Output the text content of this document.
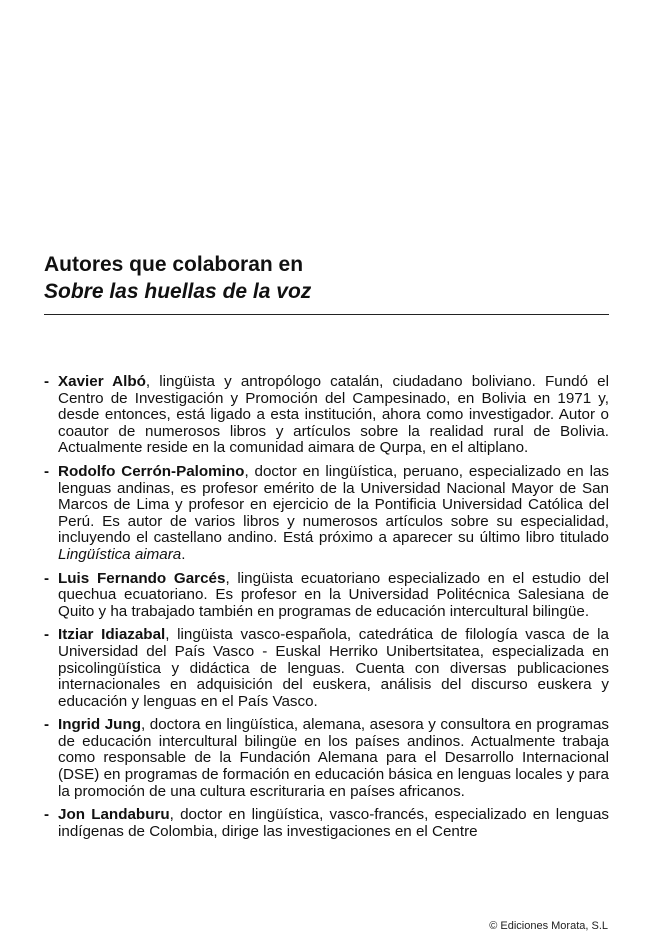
Autores que colaboran en
Sobre las huellas de la voz
- Xavier Albó, lingüista y antropólogo catalán, ciudadano boliviano. Fundó el Centro de Investigación y Promoción del Campesinado, en Bolivia en 1971 y, desde entonces, está ligado a esta institución, ahora como investigador. Autor o coautor de numerosos libros y artículos sobre la realidad rural de Bolivia. Actualmente reside en la comunidad aimara de Qurpa, en el altiplano.
- Rodolfo Cerrón-Palomino, doctor en lingüística, peruano, especializado en las lenguas andinas, es profesor emérito de la Universidad Nacional Mayor de San Marcos de Lima y profesor en ejercicio de la Pontificia Universidad Católica del Perú. Es autor de varios libros y numerosos artículos sobre su especialidad, incluyendo el castellano andino. Está próximo a aparecer su último libro titulado Lingüística aimara.
- Luis Fernando Garcés, lingüista ecuatoriano especializado en el estudio del quechua ecuatoriano. Es profesor en la Universidad Politécnica Salesiana de Quito y ha trabajado también en programas de educación intercultural bilingüe.
- Itziar Idiazabal, lingüista vasco-española, catedrática de filología vasca de la Universidad del País Vasco - Euskal Herriko Unibertsitatea, especializada en psicolingüística y didáctica de lenguas. Cuenta con diversas publicaciones internacionales en adquisición del euskera, análisis del discurso euskera y educación y lenguas en el País Vasco.
- Ingrid Jung, doctora en lingüística, alemana, asesora y consultora en programas de educación intercultural bilingüe en los países andinos. Actualmente trabaja como responsable de la Fundación Alemana para el Desarrollo Internacional (DSE) en programas de formación en educación básica en lenguas locales y para la promoción de una cultura escrituraria en países africanos.
- Jon Landaburu, doctor en lingüística, vasco-francés, especializado en lenguas indígenas de Colombia, dirige las investigaciones en el Centre
© Ediciones Morata, S.L
